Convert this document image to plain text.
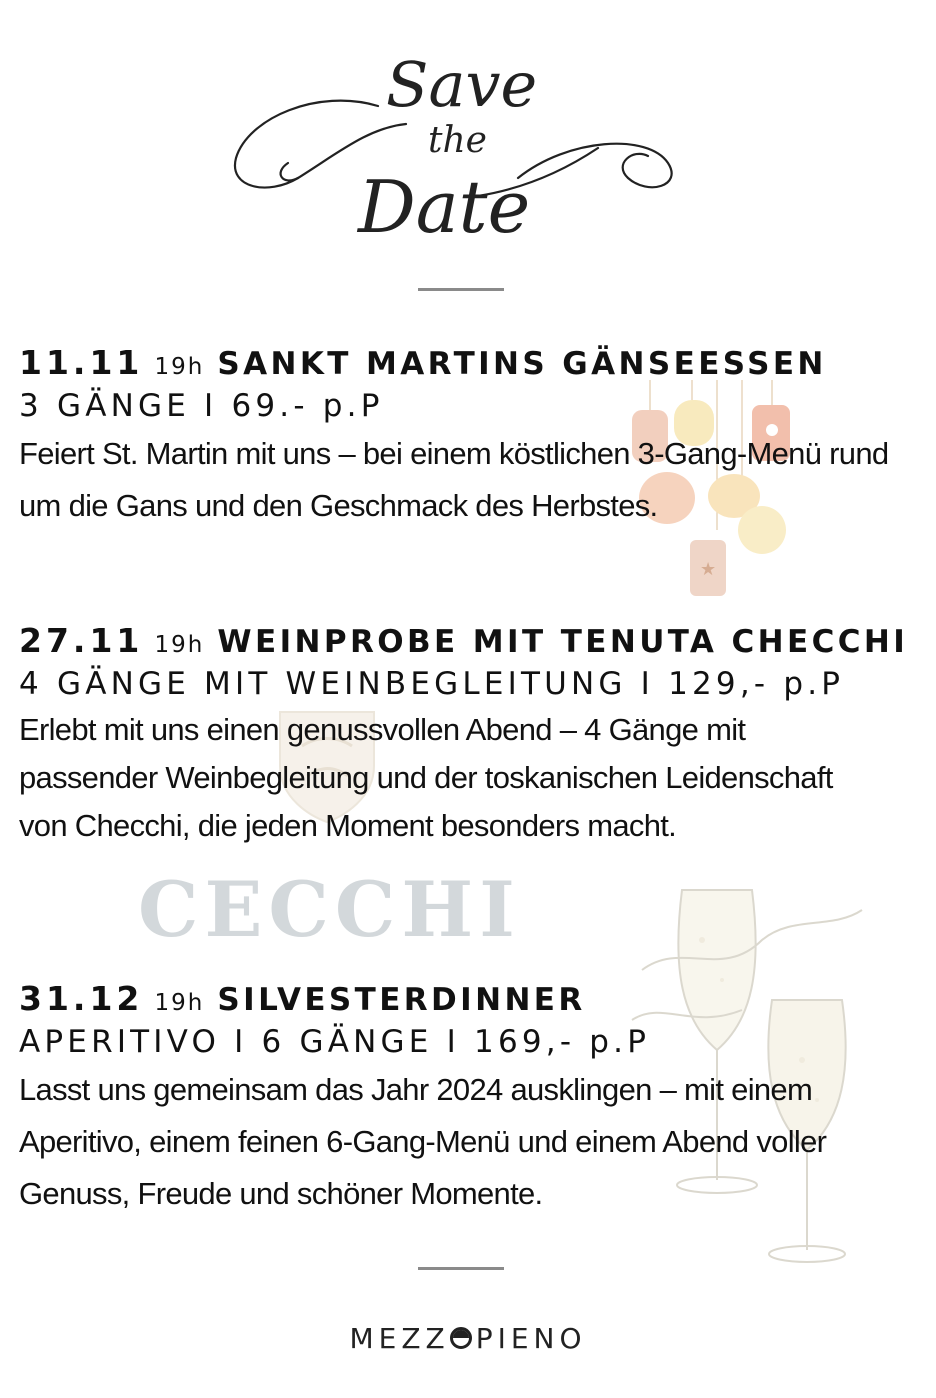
Save
the
Date
★
CECCHI
11.11 19h SANKT MARTINS GÄNSEESSEN
3 GÄNGE I 69.- p.P

Feiert St. Martin mit uns – bei einem köstlichen 3-Gang-Menü rund um die Gans und den Geschmack des Herbstes.

27.11 19h WEINPROBE MIT TENUTA CHECCHI
4 GÄNGE MIT WEINBEGLEITUNG I 129,- p.P

Erlebt mit uns einen genussvollen Abend – 4 Gänge mit passender Weinbegleitung und der toskanischen Leidenschaft von Checchi, die jeden Moment besonders macht.

31.12 19h SILVESTERDINNER
APERITIVO I 6 GÄNGE I 169,- p.P

Lasst uns gemeinsam das Jahr 2024 ausklingen – mit einem Aperitivo, einem feinen 6-Gang-Menü und einem Abend voller Genuss, Freude und schöner Momente.

MEZZ PIENO
